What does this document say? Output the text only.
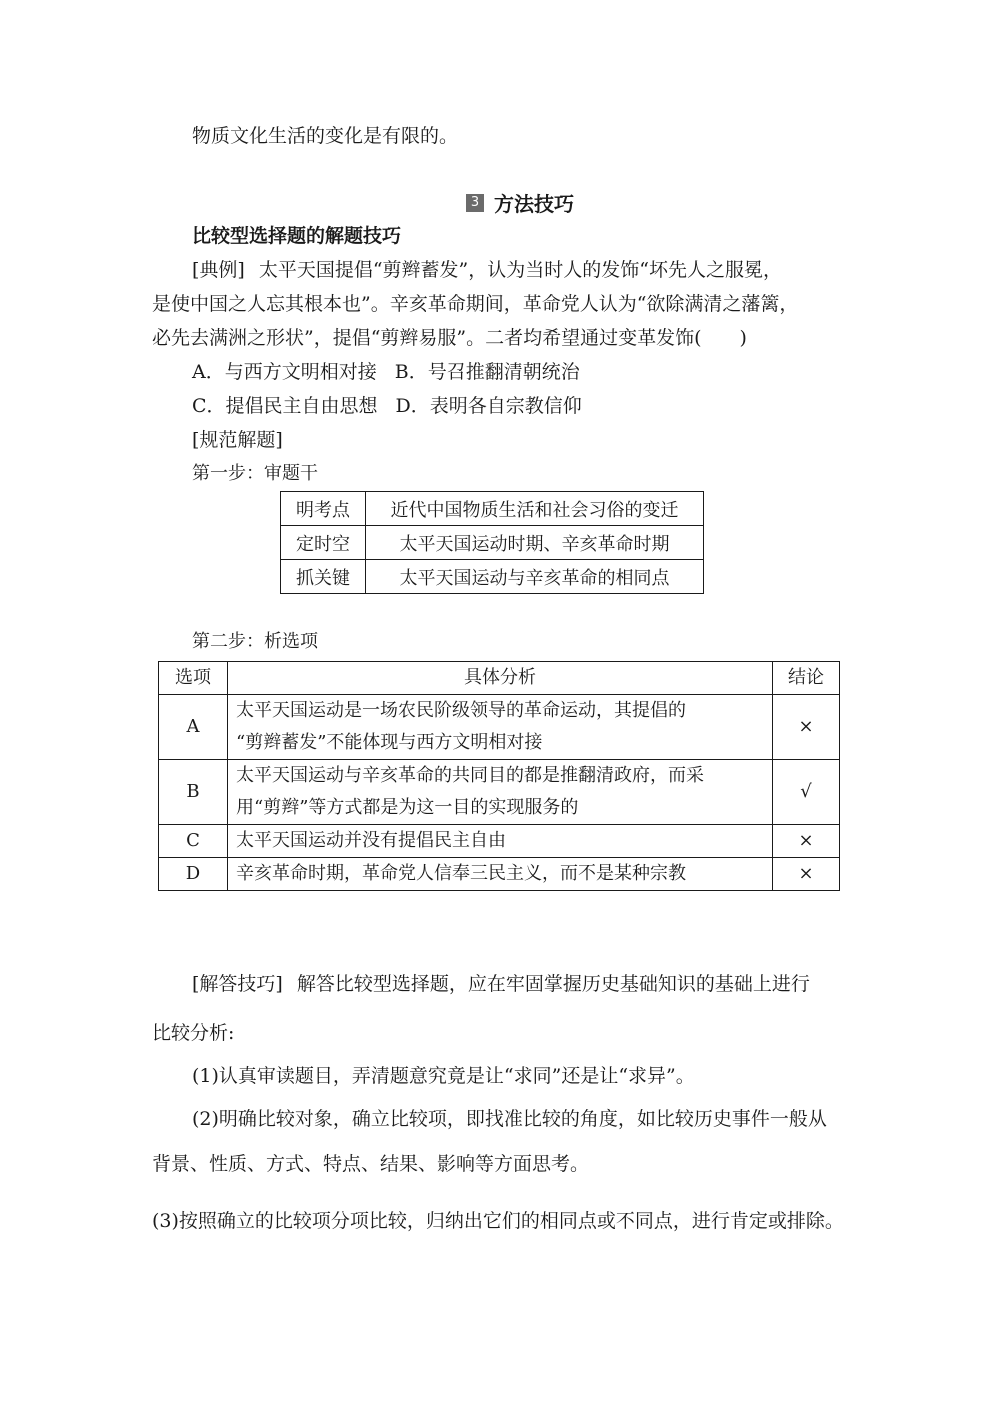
物质文化生活的变化是有限的。
3 方法技巧
比较型选择题的解题技巧
[典例] 太平天国提倡“剪辫蓄发”，认为当时人的发饰“坏先人之服冕，
是使中国之人忘其根本也”。辛亥革命期间，革命党人认为“欲除满清之藩篱，
必先去满洲之形状”，提倡“剪辫易服”。二者均希望通过变革发饰(　　)
A．与西方文明相对接 B．号召推翻清朝统治
C．提倡民主自由思想 D．表明各自宗教信仰
[规范解题]
第一步：审题干
明考点	近代中国物质生活和社会习俗的变迁
定时空	太平天国运动时期、辛亥革命时期
抓关键	太平天国运动与辛亥革命的相同点
第二步：析选项
选项	具体分析	结论
A	太平天国运动是一场农民阶级领导的革命运动，其提倡的
“剪辫蓄发”不能体现与西方文明相对接	×
B	太平天国运动与辛亥革命的共同目的都是推翻清政府，而采
用“剪辫”等方式都是为这一目的实现服务的	√
C	太平天国运动并没有提倡民主自由	×
D	辛亥革命时期，革命党人信奉三民主义，而不是某种宗教	×
[解答技巧] 解答比较型选择题，应在牢固掌握历史基础知识的基础上进行
比较分析:
(1)认真审读题目，弄清题意究竟是让“求同”还是让“求异”。
(2)明确比较对象，确立比较项，即找准比较的角度，如比较历史事件一般从
背景、性质、方式、特点、结果、影响等方面思考。
(3)按照确立的比较项分项比较，归纳出它们的相同点或不同点，进行肯定或排除。
